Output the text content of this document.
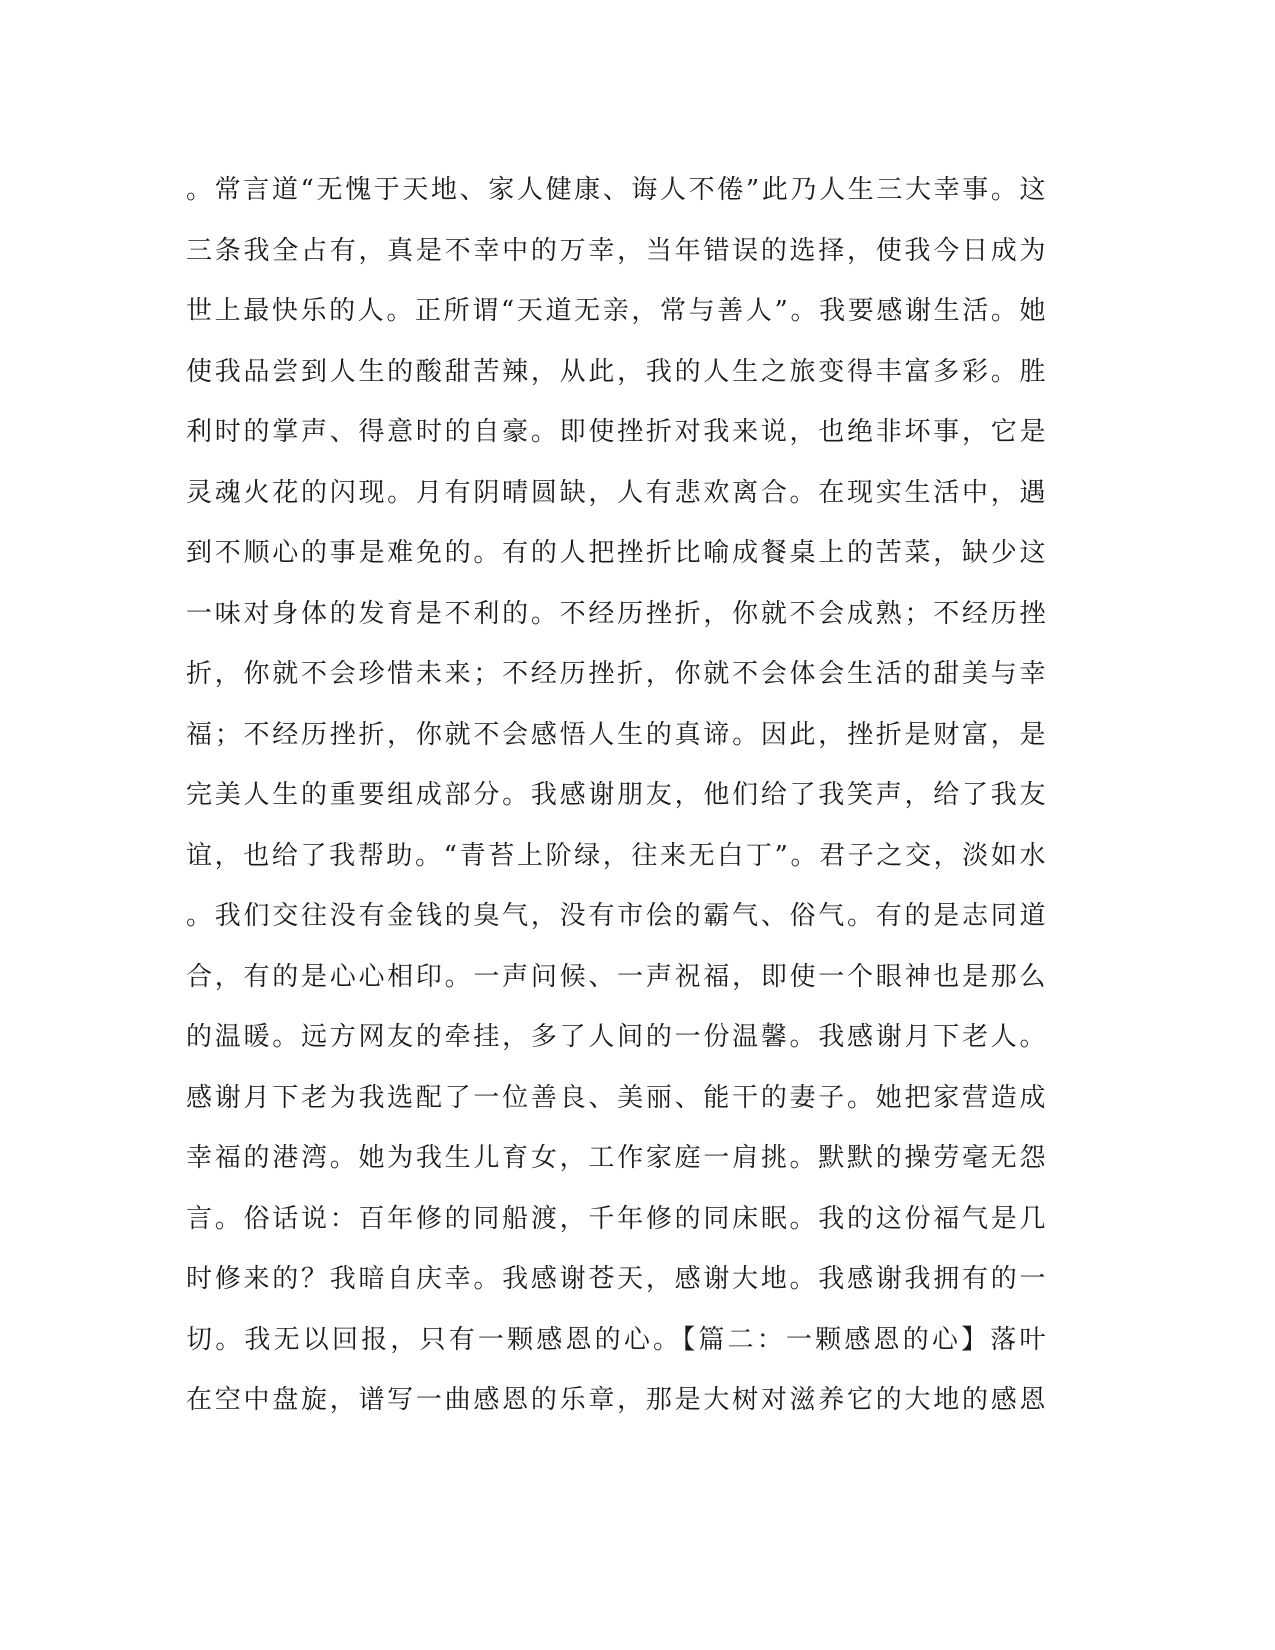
。常言道“无愧于天地、家人健康、诲人不倦”此乃人生三大幸事。这
三条我全占有，真是不幸中的万幸，当年错误的选择，使我今日成为
世上最快乐的人。正所谓“天道无亲，常与善人”。我要感谢生活。她
使我品尝到人生的酸甜苦辣，从此，我的人生之旅变得丰富多彩。胜
利时的掌声、得意时的自豪。即使挫折对我来说，也绝非坏事，它是
灵魂火花的闪现。月有阴晴圆缺，人有悲欢离合。在现实生活中，遇
到不顺心的事是难免的。有的人把挫折比喻成餐桌上的苦菜，缺少这
一味对身体的发育是不利的。不经历挫折，你就不会成熟；不经历挫
折，你就不会珍惜未来；不经历挫折，你就不会体会生活的甜美与幸
福；不经历挫折，你就不会感悟人生的真谛。因此，挫折是财富，是
完美人生的重要组成部分。我感谢朋友，他们给了我笑声，给了我友
谊，也给了我帮助。“青苔上阶绿，往来无白丁”。君子之交，淡如水
。我们交往没有金钱的臭气，没有市侩的霸气、俗气。有的是志同道
合，有的是心心相印。一声问候、一声祝福，即使一个眼神也是那么
的温暖。远方网友的牵挂，多了人间的一份温馨。我感谢月下老人。
感谢月下老为我选配了一位善良、美丽、能干的妻子。她把家营造成
幸福的港湾。她为我生儿育女，工作家庭一肩挑。默默的操劳毫无怨
言。俗话说：百年修的同船渡，千年修的同床眠。我的这份福气是几
时修来的？我暗自庆幸。我感谢苍天，感谢大地。我感谢我拥有的一
切。我无以回报，只有一颗感恩的心。【篇二：一颗感恩的心】落叶
在空中盘旋，谱写一曲感恩的乐章，那是大树对滋养它的大地的感恩
